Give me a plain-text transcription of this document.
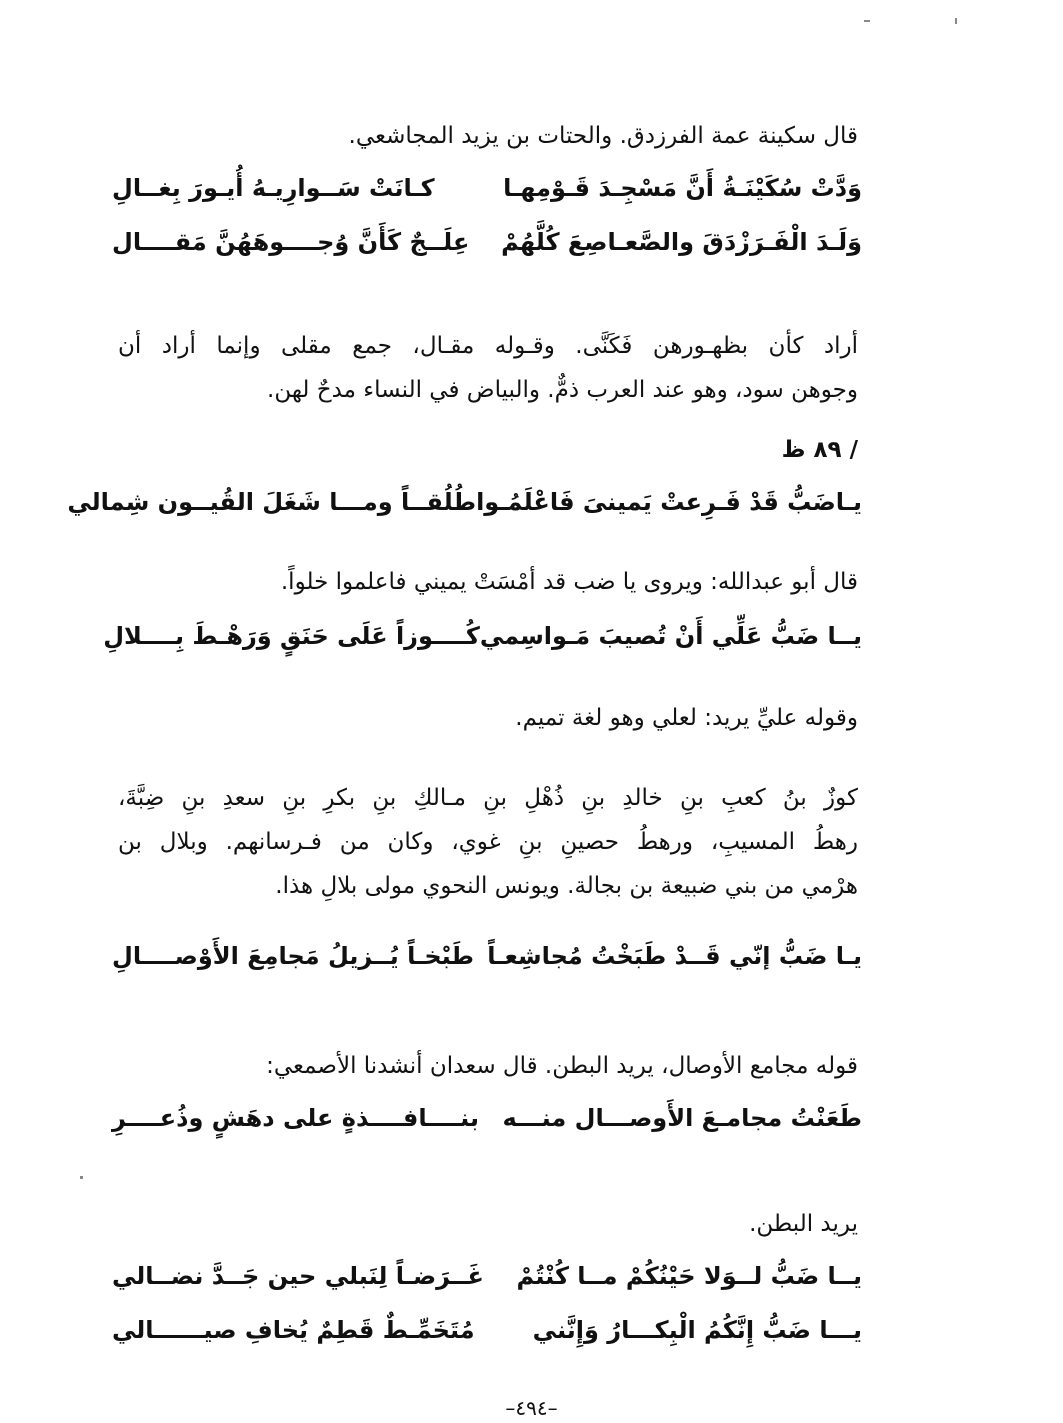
قال سكينة عمة الفرزدق. والحتات بن يزيد المجاشعي.
وَدَّتْ سُكَيْنَـةُ أَنَّ مَسْجِـدَ قَـوْمِهـا
كـانَتْ سَــوارِيـهُ أُيـورَ بِغــالِ
وَلَـدَ الْفَـرَزْدَقَ والصَّعـاصِعَ كُلَّهُمْ
عِلَــجٌ كَأَنَّ وُجــــوهَهُنَّ مَقــــال
أراد كأن بظهـورهن فَكَنَّى. وقـوله مقـال، جمع مقلى وإنما أراد أن
وجوهن سود، وهو عند العرب ذمٌّ. والبياض في النساء مدحٌ لهن.
/ ٨٩ ظ
يـاضَبُّ قَدْ فَـرِعتْ يَمينىَ فَاعْلَمُـوا
طُلُقــاً ومـــا شَغَلَ القُيــون شِمالي
قال أبو عبدالله: ويروى يا ضب قد أمْسَتْ يميني فاعلموا خلواً.
يــا ضَبُّ عَلِّي أَنْ تُصيبَ مَـواسِمي
كُــــوزاً عَلَى حَنَقٍ وَرَهْـطَ بِــــلالِ
وقوله عليِّ يريد: لعلي وهو لغة تميم.
كوزٌ بنُ كعبِ بنِ خالدِ بنِ ذُهْلِ بنِ مـالكِ بنِ بكرِ بنِ سعدِ بنِ ضِبَّةَ،
رهطُ المسيبِ، ورهطُ حصينِ بنِ غوي، وكان من فـرسانهم. وبلال بن
هرْمي من بني ضبيعة بن بجالة. ويونس النحوي مولى بلالِ هذا.
يـا ضَبُّ إنّي قَــدْ طَبَخْتُ مُجاشِعـاً
طَبْخـاً يُــزيلُ مَجامِعَ الأَوْصــــالِ
قوله مجامع الأوصال، يريد البطن. قال سعدان أنشدنا الأصمعي:
طَعَنْتُ مجامـعَ الأَوصـــال منـــه
بنــــافــــذةٍ على دهَشٍ وذُعــــرِ
يريد البطن.
يــا ضَبُّ لــوَلا حَيْنُكُمْ مــا كُنْتُمْ
غَــرَضـاً لِنَبلي حين جَــدَّ نضــالي
يـــا ضَبُّ إِنَّكُمُ الْبِكـــارُ وَإِنَّني
مُتَخَمِّـطٌ قَطِمٌ يُخافِ صيــــــالي
–٤٩٤–
